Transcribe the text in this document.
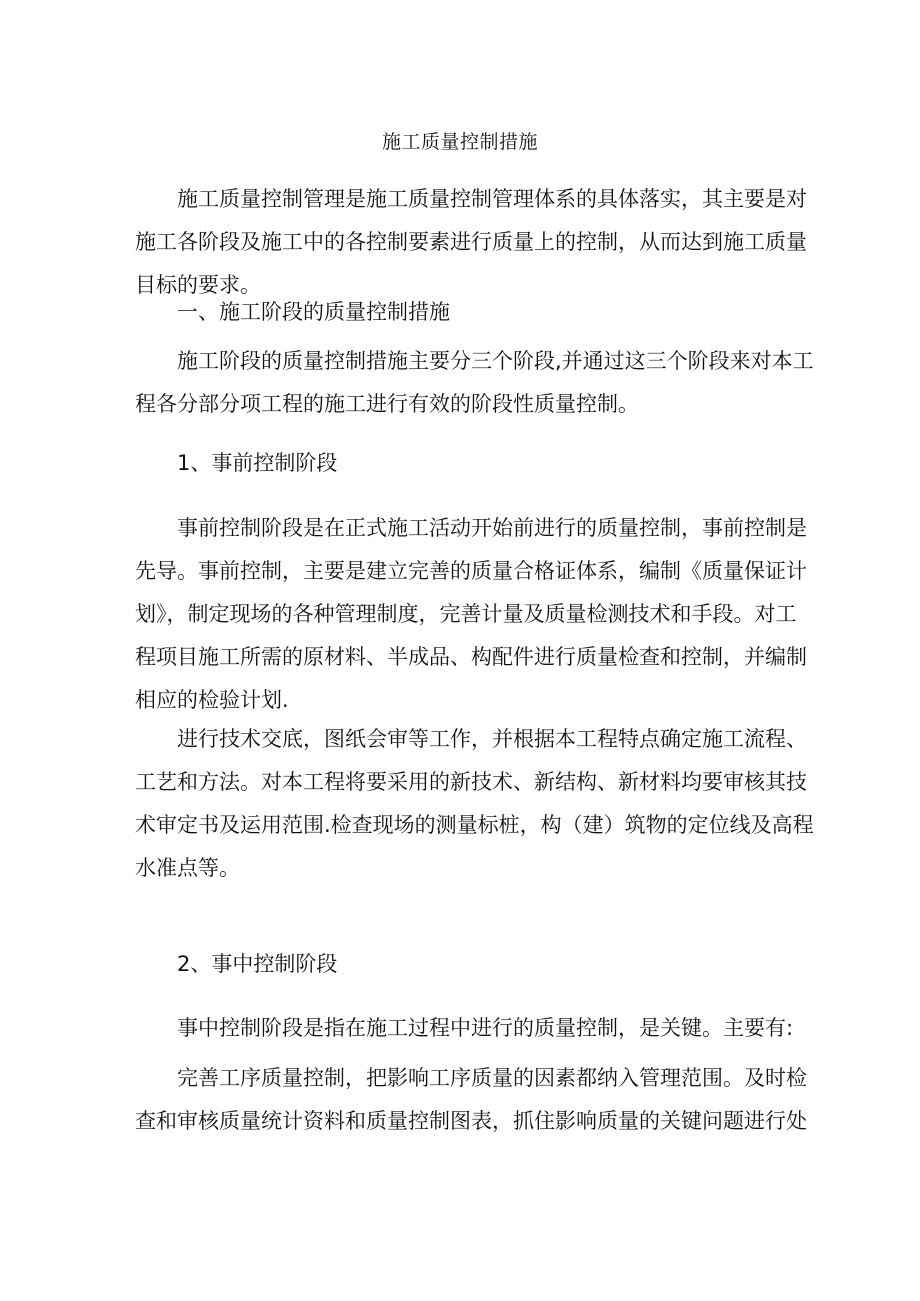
施工质量控制措施
施工质量控制管理是施工质量控制管理体系的具体落实，其主要是对
施工各阶段及施工中的各控制要素进行质量上的控制，从而达到施工质量
目标的要求。
一、施工阶段的质量控制措施
施工阶段的质量控制措施主要分三个阶段,并通过这三个阶段来对本工
程各分部分项工程的施工进行有效的阶段性质量控制。
1、事前控制阶段
事前控制阶段是在正式施工活动开始前进行的质量控制，事前控制是
先导。事前控制，主要是建立完善的质量合格证体系，编制《质量保证计
划》，制定现场的各种管理制度，完善计量及质量检测技术和手段。对工
程项目施工所需的原材料、半成品、构配件进行质量检查和控制，并编制
相应的检验计划.
进行技术交底，图纸会审等工作，并根据本工程特点确定施工流程、
工艺和方法。对本工程将要采用的新技术、新结构、新材料均要审核其技
术审定书及运用范围.检查现场的测量标桩，构（建）筑物的定位线及高程
水准点等。
2、事中控制阶段
事中控制阶段是指在施工过程中进行的质量控制，是关键。主要有:
完善工序质量控制，把影响工序质量的因素都纳入管理范围。及时检
查和审核质量统计资料和质量控制图表，抓住影响质量的关键问题进行处
